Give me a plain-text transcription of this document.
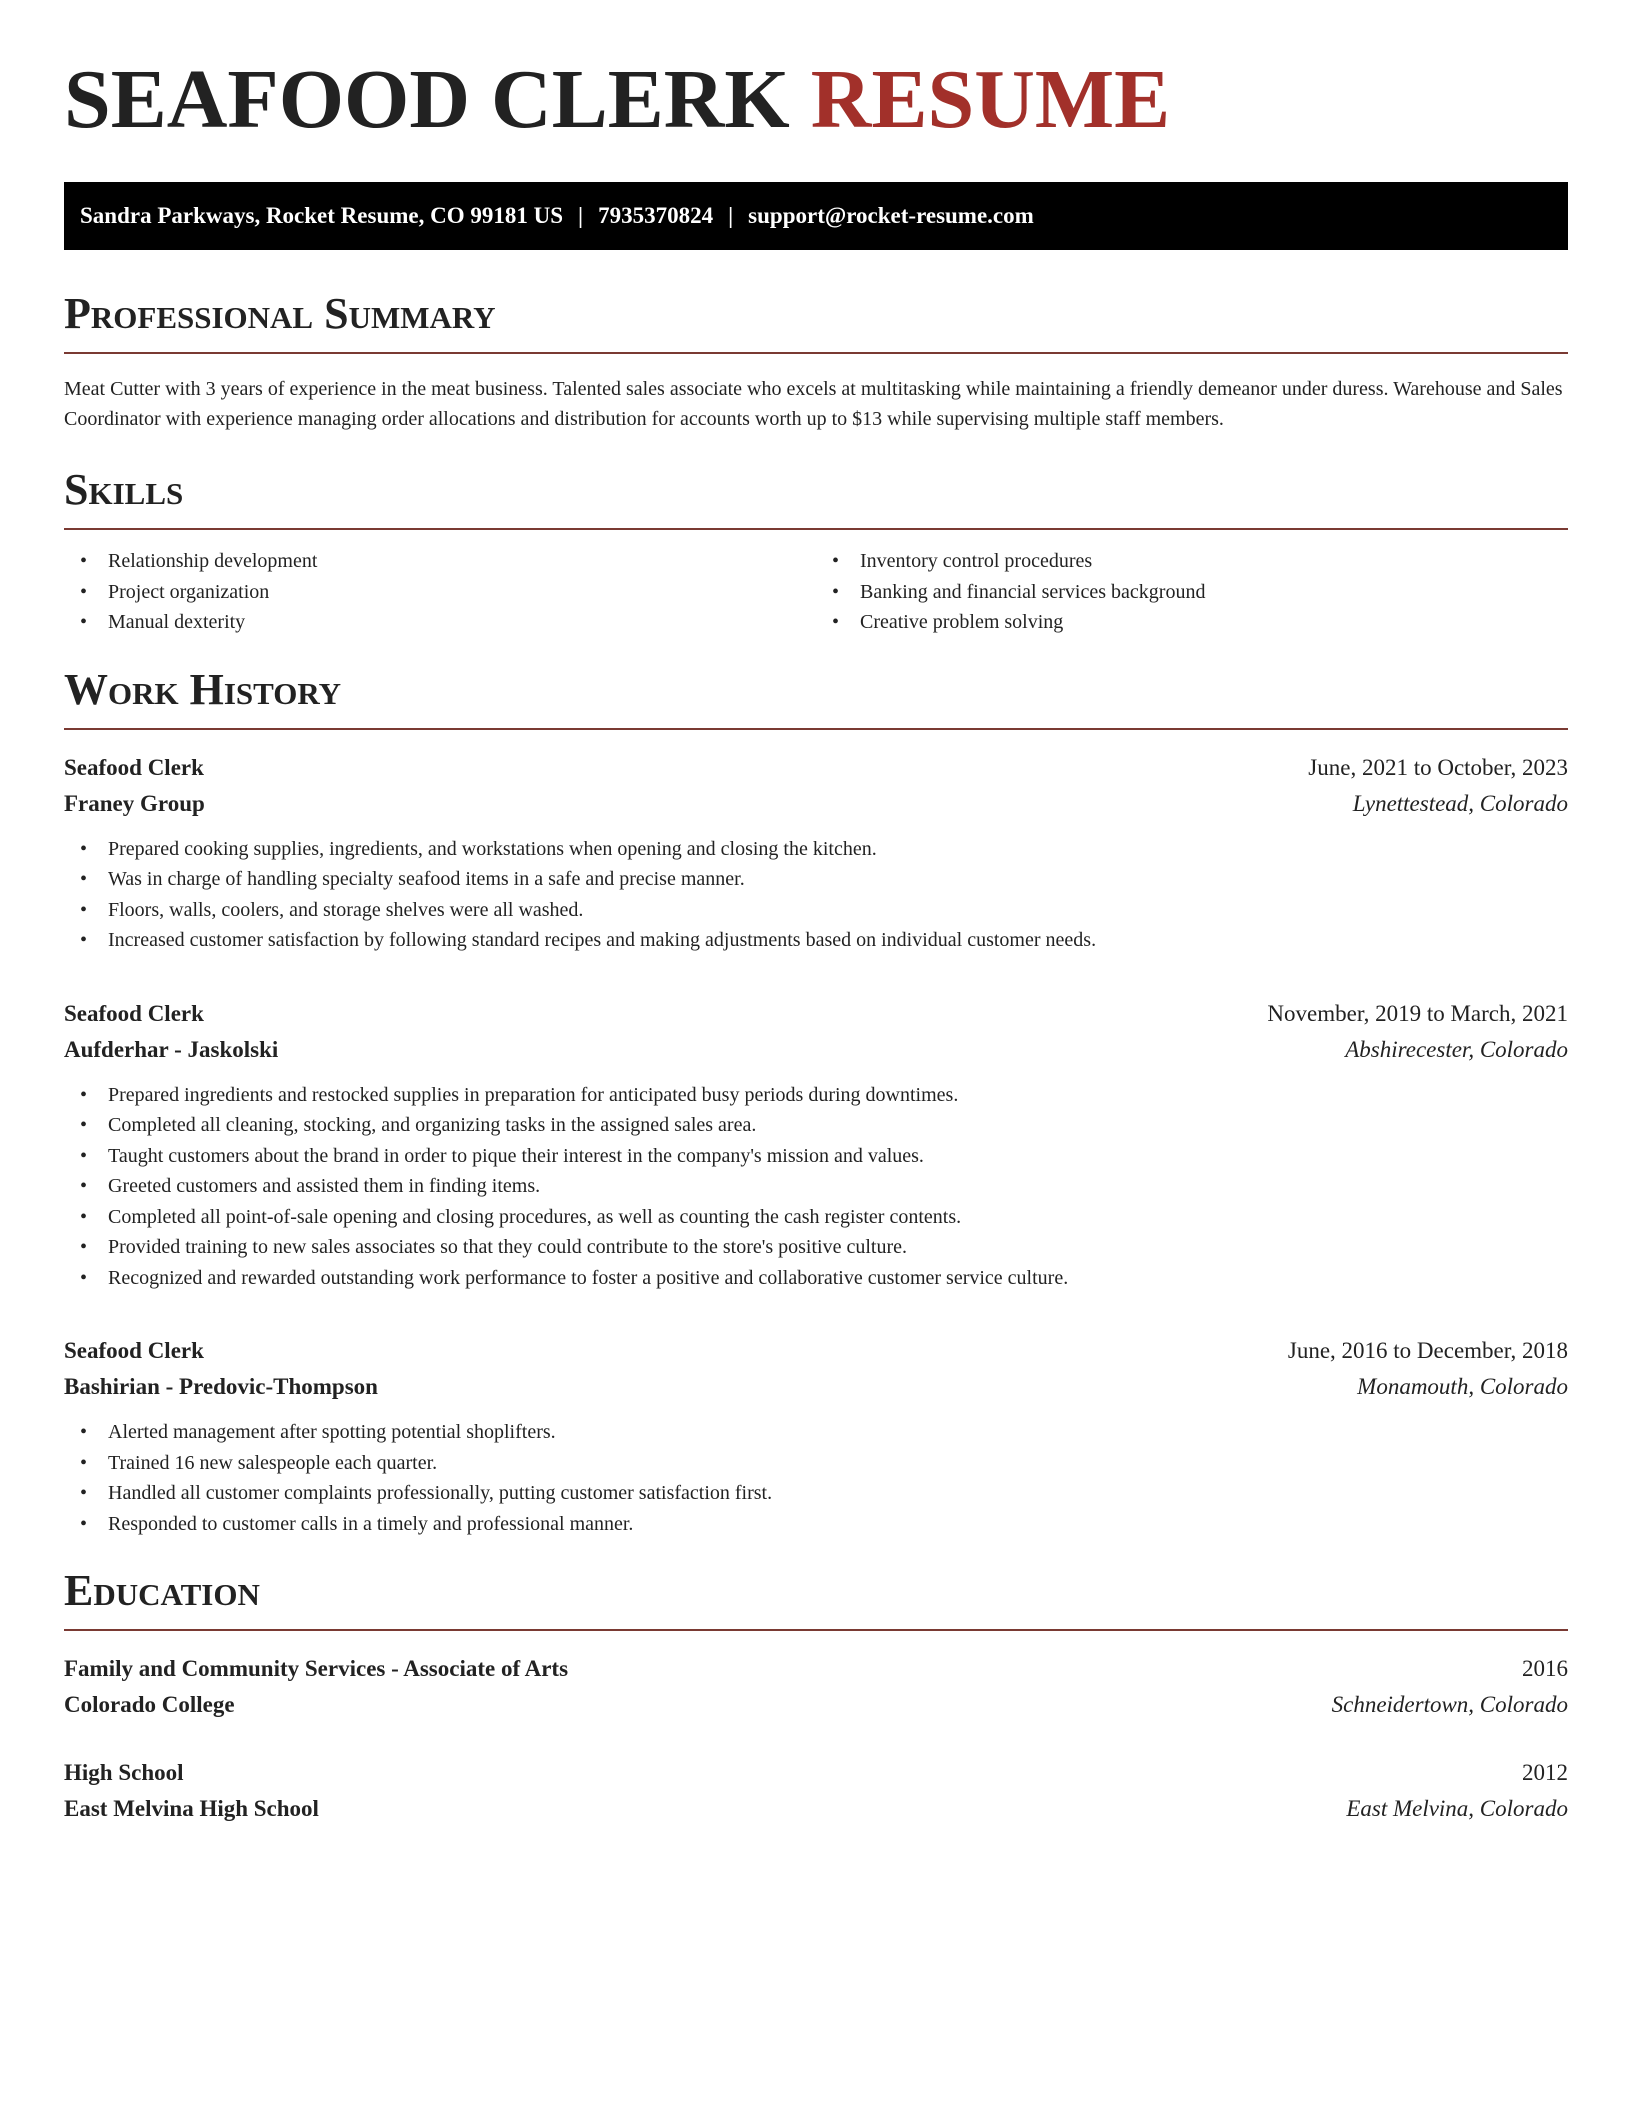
SEAFOOD CLERK RESUME
Sandra Parkways, Rocket Resume, CO 99181 US | 7935370824 | support@rocket-resume.com
Professional Summary

Meat Cutter with 3 years of experience in the meat business. Talented sales associate who excels at multitasking while maintaining a friendly demeanor under duress. Warehouse and Sales Coordinator with experience managing order allocations and distribution for accounts worth up to $13 while supervising multiple staff members.

Skills
• Relationship development
• Project organization
• Manual dexterity
• Inventory control procedures
• Banking and financial services background
• Creative problem solving
Work History
Seafood Clerk	June, 2021 to October, 2023
Franey Group	Lynettestead, Colorado
• Prepared cooking supplies, ingredients, and workstations when opening and closing the kitchen.
• Was in charge of handling specialty seafood items in a safe and precise manner.
• Floors, walls, coolers, and storage shelves were all washed.
• Increased customer satisfaction by following standard recipes and making adjustments based on individual customer needs.
Seafood Clerk	November, 2019 to March, 2021
Aufderhar - Jaskolski	Abshirecester, Colorado
• Prepared ingredients and restocked supplies in preparation for anticipated busy periods during downtimes.
• Completed all cleaning, stocking, and organizing tasks in the assigned sales area.
• Taught customers about the brand in order to pique their interest in the company's mission and values.
• Greeted customers and assisted them in finding items.
• Completed all point-of-sale opening and closing procedures, as well as counting the cash register contents.
• Provided training to new sales associates so that they could contribute to the store's positive culture.
• Recognized and rewarded outstanding work performance to foster a positive and collaborative customer service culture.
Seafood Clerk	June, 2016 to December, 2018
Bashirian - Predovic-Thompson	Monamouth, Colorado
• Alerted management after spotting potential shoplifters.
• Trained 16 new salespeople each quarter.
• Handled all customer complaints professionally, putting customer satisfaction first.
• Responded to customer calls in a timely and professional manner.
Education
Family and Community Services - Associate of Arts	2016
Colorado College	Schneidertown, Colorado
High School	2012
East Melvina High School	East Melvina, Colorado
